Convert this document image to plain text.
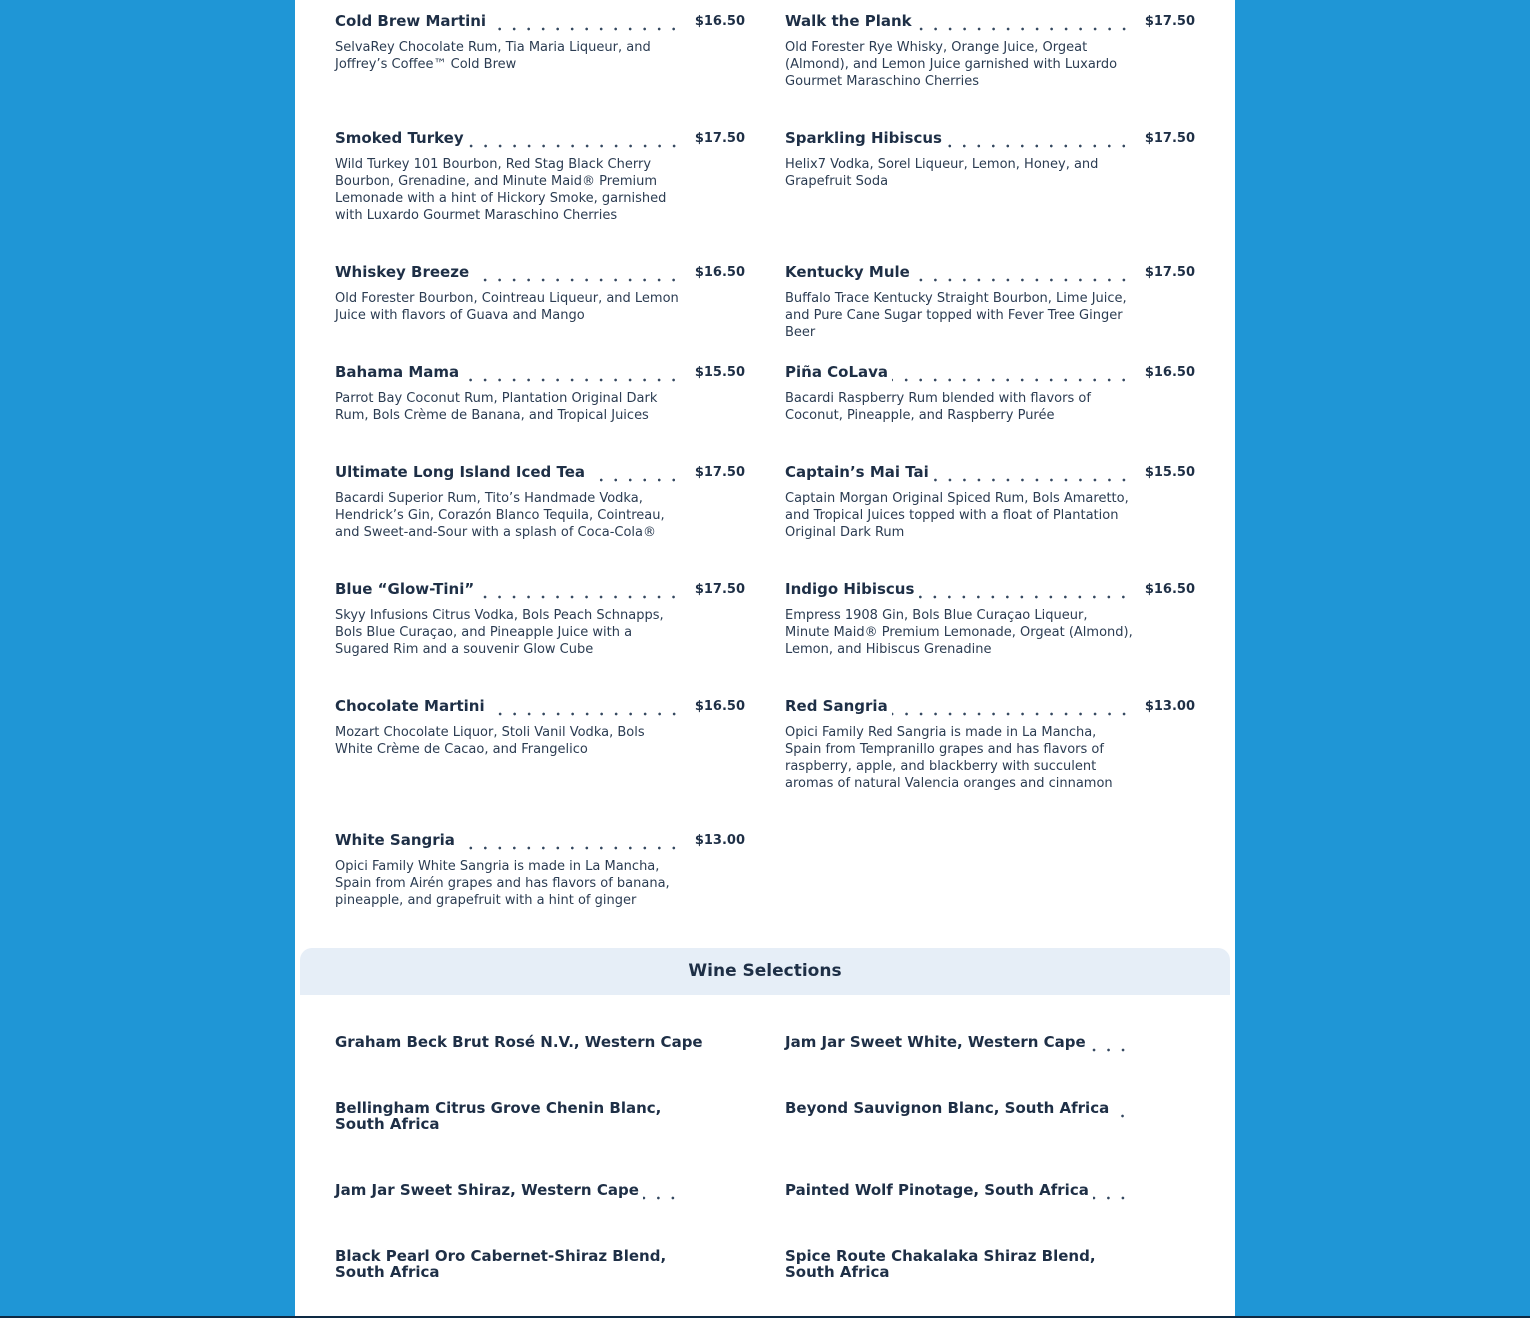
Cold Brew Martini	$16.50
SelvaRey Chocolate Rum, Tia Maria Liqueur, and Joffrey’s Coffee™ Cold Brew
Walk the Plank	$17.50
Old Forester Rye Whisky, Orange Juice, Orgeat (Almond), and Lemon Juice garnished with Luxardo Gourmet Maraschino Cherries
Smoked Turkey	$17.50
Wild Turkey 101 Bourbon, Red Stag Black Cherry Bourbon, Grenadine, and Minute Maid® Premium Lemonade with a hint of Hickory Smoke, garnished with Luxardo Gourmet Maraschino Cherries
Sparkling Hibiscus	$17.50
Helix7 Vodka, Sorel Liqueur, Lemon, Honey, and Grapefruit Soda
Whiskey Breeze	$16.50
Old Forester Bourbon, Cointreau Liqueur, and Lemon Juice with flavors of Guava and Mango
Kentucky Mule	$17.50
Buffalo Trace Kentucky Straight Bourbon, Lime Juice, and Pure Cane Sugar topped with Fever Tree Ginger Beer
Bahama Mama	$15.50
Parrot Bay Coconut Rum, Plantation Original Dark Rum, Bols Crème de Banana, and Tropical Juices
Piña CoLava	$16.50
Bacardi Raspberry Rum blended with flavors of Coconut, Pineapple, and Raspberry Purée
Ultimate Long Island Iced Tea	$17.50
Bacardi Superior Rum, Tito’s Handmade Vodka, Hendrick’s Gin, Corazón Blanco Tequila, Cointreau, and Sweet-and-Sour with a splash of Coca-Cola®
Captain’s Mai Tai	$15.50
Captain Morgan Original Spiced Rum, Bols Amaretto, and Tropical Juices topped with a float of Plantation Original Dark Rum
Blue “Glow-Tini”	$17.50
Skyy Infusions Citrus Vodka, Bols Peach Schnapps, Bols Blue Curaçao, and Pineapple Juice with a Sugared Rim and a souvenir Glow Cube
Indigo Hibiscus	$16.50
Empress 1908 Gin, Bols Blue Curaçao Liqueur, Minute Maid® Premium Lemonade, Orgeat (Almond), Lemon, and Hibiscus Grenadine
Chocolate Martini	$16.50
Mozart Chocolate Liquor, Stoli Vanil Vodka, Bols White Crème de Cacao, and Frangelico
Red Sangria	$13.00
Opici Family Red Sangria is made in La Mancha, Spain from Tempranillo grapes and has flavors of raspberry, apple, and blackberry with succulent aromas of natural Valencia oranges and cinnamon
White Sangria	$13.00
Opici Family White Sangria is made in La Mancha, Spain from Airén grapes and has flavors of banana, pineapple, and grapefruit with a hint of ginger
Wine Selections
Graham Beck Brut Rosé N.V., Western Cape	Jam Jar Sweet White, Western Cape
Bellingham Citrus Grove Chenin Blanc, South Africa
Beyond Sauvignon Blanc, South Africa
Jam Jar Sweet Shiraz, Western Cape	Painted Wolf Pinotage, South Africa
Black Pearl Oro Cabernet-Shiraz Blend, South Africa
Spice Route Chakalaka Shiraz Blend, South Africa
